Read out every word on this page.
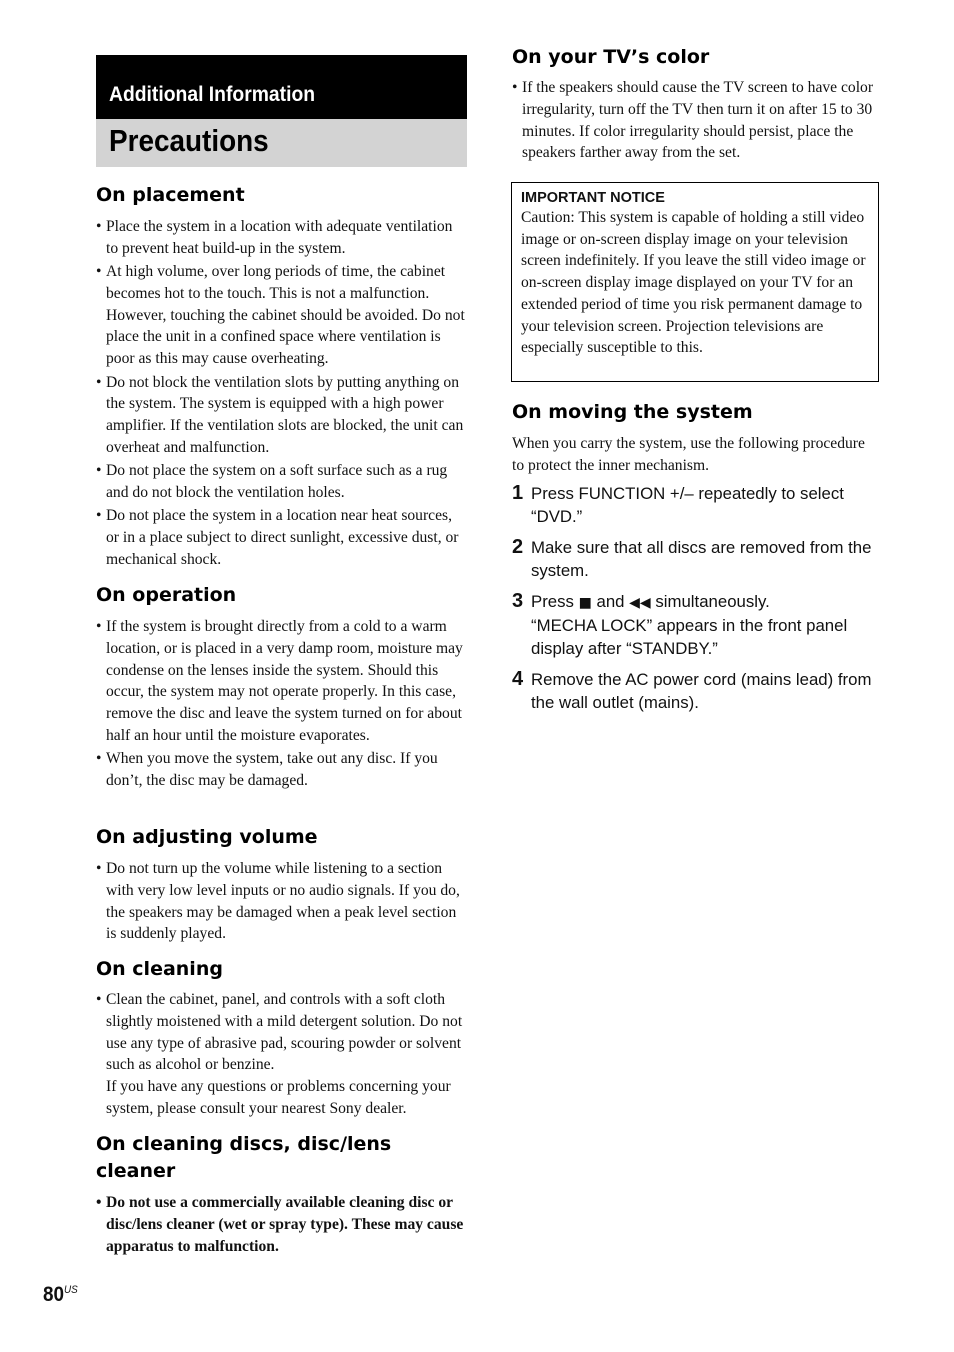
Additional Information
Precautions
On placement
• Place the system in a location with adequate ventilation to prevent heat build-up in the system.
• At high volume, over long periods of time, the cabinet becomes hot to the touch. This is not a malfunction. However, touching the cabinet should be avoided. Do not place the unit in a confined space where ventilation is poor as this may cause overheating.
• Do not block the ventilation slots by putting anything on the system. The system is equipped with a high power amplifier. If the ventilation slots are blocked, the unit can overheat and malfunction.
• Do not place the system on a soft surface such as a rug and do not block the ventilation holes.
• Do not place the system in a location near heat sources, or in a place subject to direct sunlight, excessive dust, or mechanical shock.
On operation
• If the system is brought directly from a cold to a warm location, or is placed in a very damp room, moisture may condense on the lenses inside the system. Should this occur, the system may not operate properly. In this case, remove the disc and leave the system turned on for about half an hour until the moisture evaporates.
• When you move the system, take out any disc. If you don’t, the disc may be damaged.
On adjusting volume
• Do not turn up the volume while listening to a section with very low level inputs or no audio signals. If you do, the speakers may be damaged when a peak level section is suddenly played.
On cleaning
• Clean the cabinet, panel, and controls with a soft cloth slightly moistened with a mild detergent solution. Do not use any type of abrasive pad, scouring powder or solvent such as alcohol or benzine.
If you have any questions or problems concerning your system, please consult your nearest Sony dealer.
On cleaning discs, disc/lens cleaner
• Do not use a commercially available cleaning disc or disc/lens cleaner (wet or spray type). These may cause apparatus to malfunction.
On your TV’s color
• If the speakers should cause the TV screen to have color irregularity, turn off the TV then turn it on after 15 to 30 minutes. If color irregularity should persist, place the speakers farther away from the set.

IMPORTANT NOTICE

Caution: This system is capable of holding a still video image or on-screen display image on your television screen indefinitely. If you leave the still video image or on-screen display image displayed on your TV for an extended period of time you risk permanent damage to your television screen. Projection televisions are especially susceptible to this.

On moving the system

When you carry the system, use the following procedure to protect the inner mechanism.

1 Press FUNCTION +/– repeatedly to select “DVD.”
2 Make sure that all discs are removed from the system.
3 Press ■ and ◀◀ simultaneously.
“MECHA LOCK” appears in the front panel display after “STANDBY.”
4 Remove the AC power cord (mains lead) from the wall outlet (mains).
$80^{US}$
